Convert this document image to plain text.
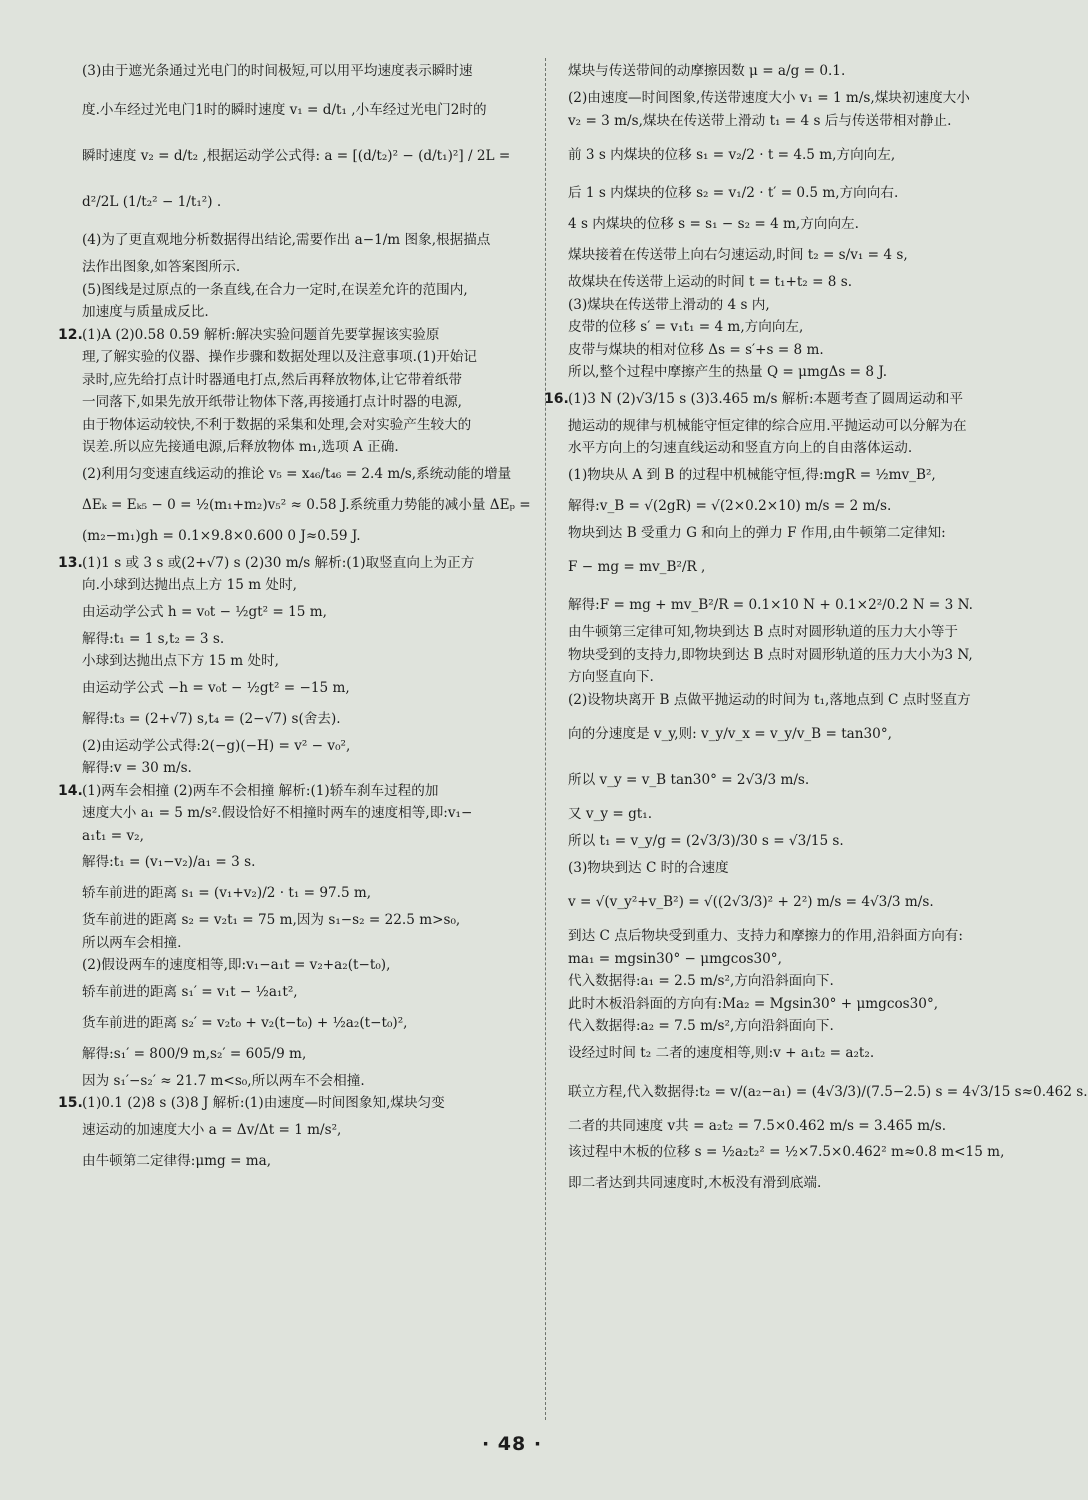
(3)由于遮光条通过光电门的时间极短,可以用平均速度表示瞬时速
度.小车经过光电门1时的瞬时速度 v₁ = d/t₁ ,小车经过光电门2时的
瞬时速度 v₂ = d/t₂ ,根据运动学公式得: a = [(d/t₂)² − (d/t₁)²] / 2L =
d²/2L (1/t₂² − 1/t₁²) .
(4)为了更直观地分析数据得出结论,需要作出 a−1/m 图象,根据描点
法作出图象,如答案图所示.
(5)图线是过原点的一条直线,在合力一定时,在误差允许的范围内,
加速度与质量成反比.
12. (1)A (2)0.58 0.59 解析:解决实验问题首先要掌握该实验原
理,了解实验的仪器、操作步骤和数据处理以及注意事项.(1)开始记
录时,应先给打点计时器通电打点,然后再释放物体,让它带着纸带
一同落下,如果先放开纸带让物体下落,再接通打点计时器的电源,
由于物体运动较快,不利于数据的采集和处理,会对实验产生较大的
误差.所以应先接通电源,后释放物体 m₁,选项 A 正确.
(2)利用匀变速直线运动的推论 v₅ = x₄₆/t₄₆ = 2.4 m/s,系统动能的增量
ΔEₖ = Eₖ₅ − 0 = ½(m₁+m₂)v₅² ≈ 0.58 J.系统重力势能的减小量 ΔEₚ =
(m₂−m₁)gh = 0.1×9.8×0.600 0 J≈0.59 J.
13. (1)1 s 或 3 s 或(2+√7) s (2)30 m/s 解析:(1)取竖直向上为正方
向.小球到达抛出点上方 15 m 处时,
由运动学公式 h = v₀t − ½gt² = 15 m,
解得:t₁ = 1 s,t₂ = 3 s.
小球到达抛出点下方 15 m 处时,
由运动学公式 −h = v₀t − ½gt² = −15 m,
解得:t₃ = (2+√7) s,t₄ = (2−√7) s(舍去).
(2)由运动学公式得:2(−g)(−H) = v² − v₀²,
解得:v = 30 m/s.
14. (1)两车会相撞 (2)两车不会相撞 解析:(1)轿车刹车过程的加
速度大小 a₁ = 5 m/s².假设恰好不相撞时两车的速度相等,即:v₁−
a₁t₁ = v₂,
解得:t₁ = (v₁−v₂)/a₁ = 3 s.
轿车前进的距离 s₁ = (v₁+v₂)/2 · t₁ = 97.5 m,
货车前进的距离 s₂ = v₂t₁ = 75 m,因为 s₁−s₂ = 22.5 m>s₀,
所以两车会相撞.
(2)假设两车的速度相等,即:v₁−a₁t = v₂+a₂(t−t₀),
轿车前进的距离 s₁′ = v₁t − ½a₁t²,
货车前进的距离 s₂′ = v₂t₀ + v₂(t−t₀) + ½a₂(t−t₀)²,
解得:s₁′ = 800/9 m,s₂′ = 605/9 m,
因为 s₁′−s₂′ ≈ 21.7 m<s₀,所以两车不会相撞.
15. (1)0.1 (2)8 s (3)8 J 解析:(1)由速度—时间图象知,煤块匀变
速运动的加速度大小 a = Δv/Δt = 1 m/s²,
由牛顿第二定律得:μmg = ma,
煤块与传送带间的动摩擦因数 μ = a/g = 0.1.
(2)由速度—时间图象,传送带速度大小 v₁ = 1 m/s,煤块初速度大小
v₂ = 3 m/s,煤块在传送带上滑动 t₁ = 4 s 后与传送带相对静止.
前 3 s 内煤块的位移 s₁ = v₂/2 · t = 4.5 m,方向向左,
后 1 s 内煤块的位移 s₂ = v₁/2 · t′ = 0.5 m,方向向右.
4 s 内煤块的位移 s = s₁ − s₂ = 4 m,方向向左.
煤块接着在传送带上向右匀速运动,时间 t₂ = s/v₁ = 4 s,
故煤块在传送带上运动的时间 t = t₁+t₂ = 8 s.
(3)煤块在传送带上滑动的 4 s 内,
皮带的位移 s′ = v₁t₁ = 4 m,方向向左,
皮带与煤块的相对位移 Δs = s′+s = 8 m.
所以,整个过程中摩擦产生的热量 Q = μmgΔs = 8 J.
16. (1)3 N (2)√3/15 s (3)3.465 m/s 解析:本题考查了圆周运动和平
抛运动的规律与机械能守恒定律的综合应用.平抛运动可以分解为在
水平方向上的匀速直线运动和竖直方向上的自由落体运动.
(1)物块从 A 到 B 的过程中机械能守恒,得:mgR = ½mv_B²,
解得:v_B = √(2gR) = √(2×0.2×10) m/s = 2 m/s.
物块到达 B 受重力 G 和向上的弹力 F 作用,由牛顿第二定律知:
F − mg = mv_B²/R ,
解得:F = mg + mv_B²/R = 0.1×10 N + 0.1×2²/0.2 N = 3 N.
由牛顿第三定律可知,物块到达 B 点时对圆形轨道的压力大小等于
物块受到的支持力,即物块到达 B 点时对圆形轨道的压力大小为3 N,
方向竖直向下.
(2)设物块离开 B 点做平抛运动的时间为 t₁,落地点到 C 点时竖直方
向的分速度是 v_y,则: v_y/v_x = v_y/v_B = tan30°,
所以 v_y = v_B tan30° = 2√3/3 m/s.
又 v_y = gt₁.
所以 t₁ = v_y/g = (2√3/3)/30 s = √3/15 s.
(3)物块到达 C 时的合速度
v = √(v_y²+v_B²) = √((2√3/3)² + 2²) m/s = 4√3/3 m/s.
到达 C 点后物块受到重力、支持力和摩擦力的作用,沿斜面方向有:
ma₁ = mgsin30° − μmgcos30°,
代入数据得:a₁ = 2.5 m/s²,方向沿斜面向下.
此时木板沿斜面的方向有:Ma₂ = Mgsin30° + μmgcos30°,
代入数据得:a₂ = 7.5 m/s²,方向沿斜面向下.
设经过时间 t₂ 二者的速度相等,则:v + a₁t₂ = a₂t₂.
联立方程,代入数据得:t₂ = v/(a₂−a₁) = (4√3/3)/(7.5−2.5) s = 4√3/15 s≈0.462 s.
二者的共同速度 v共 = a₂t₂ = 7.5×0.462 m/s = 3.465 m/s.
该过程中木板的位移 s = ½a₂t₂² = ½×7.5×0.462² m≈0.8 m<15 m,
即二者达到共同速度时,木板没有滑到底端.
· 48 ·
